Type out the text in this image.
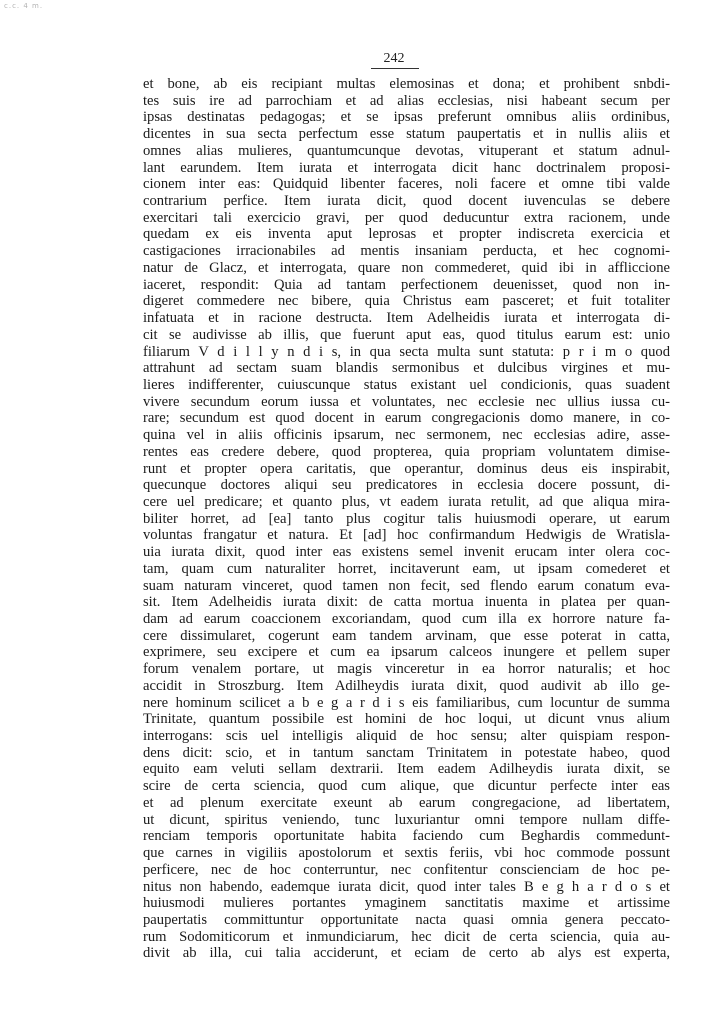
c.c. 4 m.
242
et bone, ab eis recipiant multas elemosinas et dona; et prohibent snbdi-
tes suis ire ad parrochiam et ad alias ecclesias, nisi habeant secum per
ipsas destinatas pedagogas; et se ipsas preferunt omnibus aliis ordinibus,
dicentes in sua secta perfectum esse statum paupertatis et in nullis aliis et
omnes alias mulieres, quantumcunque devotas, vituperant et statum adnul-
lant earundem. Item iurata et interrogata dicit hanc doctrinalem proposi-
cionem inter eas: Quidquid libenter faceres, noli facere et omne tibi valde
contrarium perfice. Item iurata dicit, quod docent iuvenculas se debere
exercitari tali exercicio gravi, per quod deducuntur extra racionem, unde
quedam ex eis inventa aput leprosas et propter indiscreta exercicia et
castigaciones irracionabiles ad mentis insaniam perducta, et hec cognomi-
natur de Glacz, et interrogata, quare non commederet, quid ibi in affliccione
iaceret, respondit: Quia ad tantam perfectionem deuenisset, quod non in-
digeret commedere nec bibere, quia Christus eam pasceret; et fuit totaliter
infatuata et in racione destructa. Item Adelheidis iurata et interrogata di-
cit se audivisse ab illis, que fuerunt aput eas, quod titulus earum est: unio
filiarum V d i l l y n d i s, in qua secta multa sunt statuta: p r i m o quod
attrahunt ad sectam suam blandis sermonibus et dulcibus virgines et mu-
lieres indifferenter, cuiuscunque status existant uel condicionis, quas suadent
vivere secundum eorum iussa et voluntates, nec ecclesie nec ullius iussa cu-
rare; secundum est quod docent in earum congregacionis domo manere, in co-
quina vel in aliis officinis ipsarum, nec sermonem, nec ecclesias adire, asse-
rentes eas credere debere, quod propterea, quia propriam voluntatem dimise-
runt et propter opera caritatis, que operantur, dominus deus eis inspirabit,
quecunque doctores aliqui seu predicatores in ecclesia docere possunt, di-
cere uel predicare; et quanto plus, vt eadem iurata retulit, ad que aliqua mira-
biliter horret, ad [ea] tanto plus cogitur talis huiusmodi operare, ut earum
voluntas frangatur et natura. Et [ad] hoc confirmandum Hedwigis de Wratisla-
uia iurata dixit, quod inter eas existens semel invenit erucam inter olera coc-
tam, quam cum naturaliter horret, incitaverunt eam, ut ipsam comederet et
suam naturam vinceret, quod tamen non fecit, sed flendo earum conatum eva-
sit. Item Adelheidis iurata dixit: de catta mortua inuenta in platea per quan-
dam ad earum coaccionem excoriandam, quod cum illa ex horrore nature fa-
cere dissimularet, cogerunt eam tandem arvinam, que esse poterat in catta,
exprimere, seu excipere et cum ea ipsarum calceos inungere et pellem super
forum venalem portare, ut magis vinceretur in ea horror naturalis; et hoc
accidit in Stroszburg. Item Adilheydis iurata dixit, quod audivit ab illo ge-
nere hominum scilicet a b e g a r d i s eis familiaribus, cum locuntur de summa
Trinitate, quantum possibile est homini de hoc loqui, ut dicunt vnus alium
interrogans: scis uel intelligis aliquid de hoc sensu; alter quispiam respon-
dens dicit: scio, et in tantum sanctam Trinitatem in potestate habeo, quod
equito eam veluti sellam dextrarii. Item eadem Adilheydis iurata dixit, se
scire de certa sciencia, quod cum alique, que dicuntur perfecte inter eas
et ad plenum exercitate exeunt ab earum congregacione, ad libertatem,
ut dicunt, spiritus veniendo, tunc luxuriantur omni tempore nullam diffe-
renciam temporis oportunitate habita faciendo cum Beghardis commedunt-
que carnes in vigiliis apostolorum et sextis feriis, vbi hoc commode possunt
perficere, nec de hoc conterruntur, nec confitentur conscienciam de hoc pe-
nitus non habendo, eademque iurata dicit, quod inter tales B e g h a r d o s et
huiusmodi mulieres portantes ymaginem sanctitatis maxime et artissime
paupertatis committuntur opportunitate nacta quasi omnia genera peccato-
rum Sodomiticorum et inmundiciarum, hec dicit de certa sciencia, quia au-
divit ab illa, cui talia acciderunt, et eciam de certo ab alys est experta,
